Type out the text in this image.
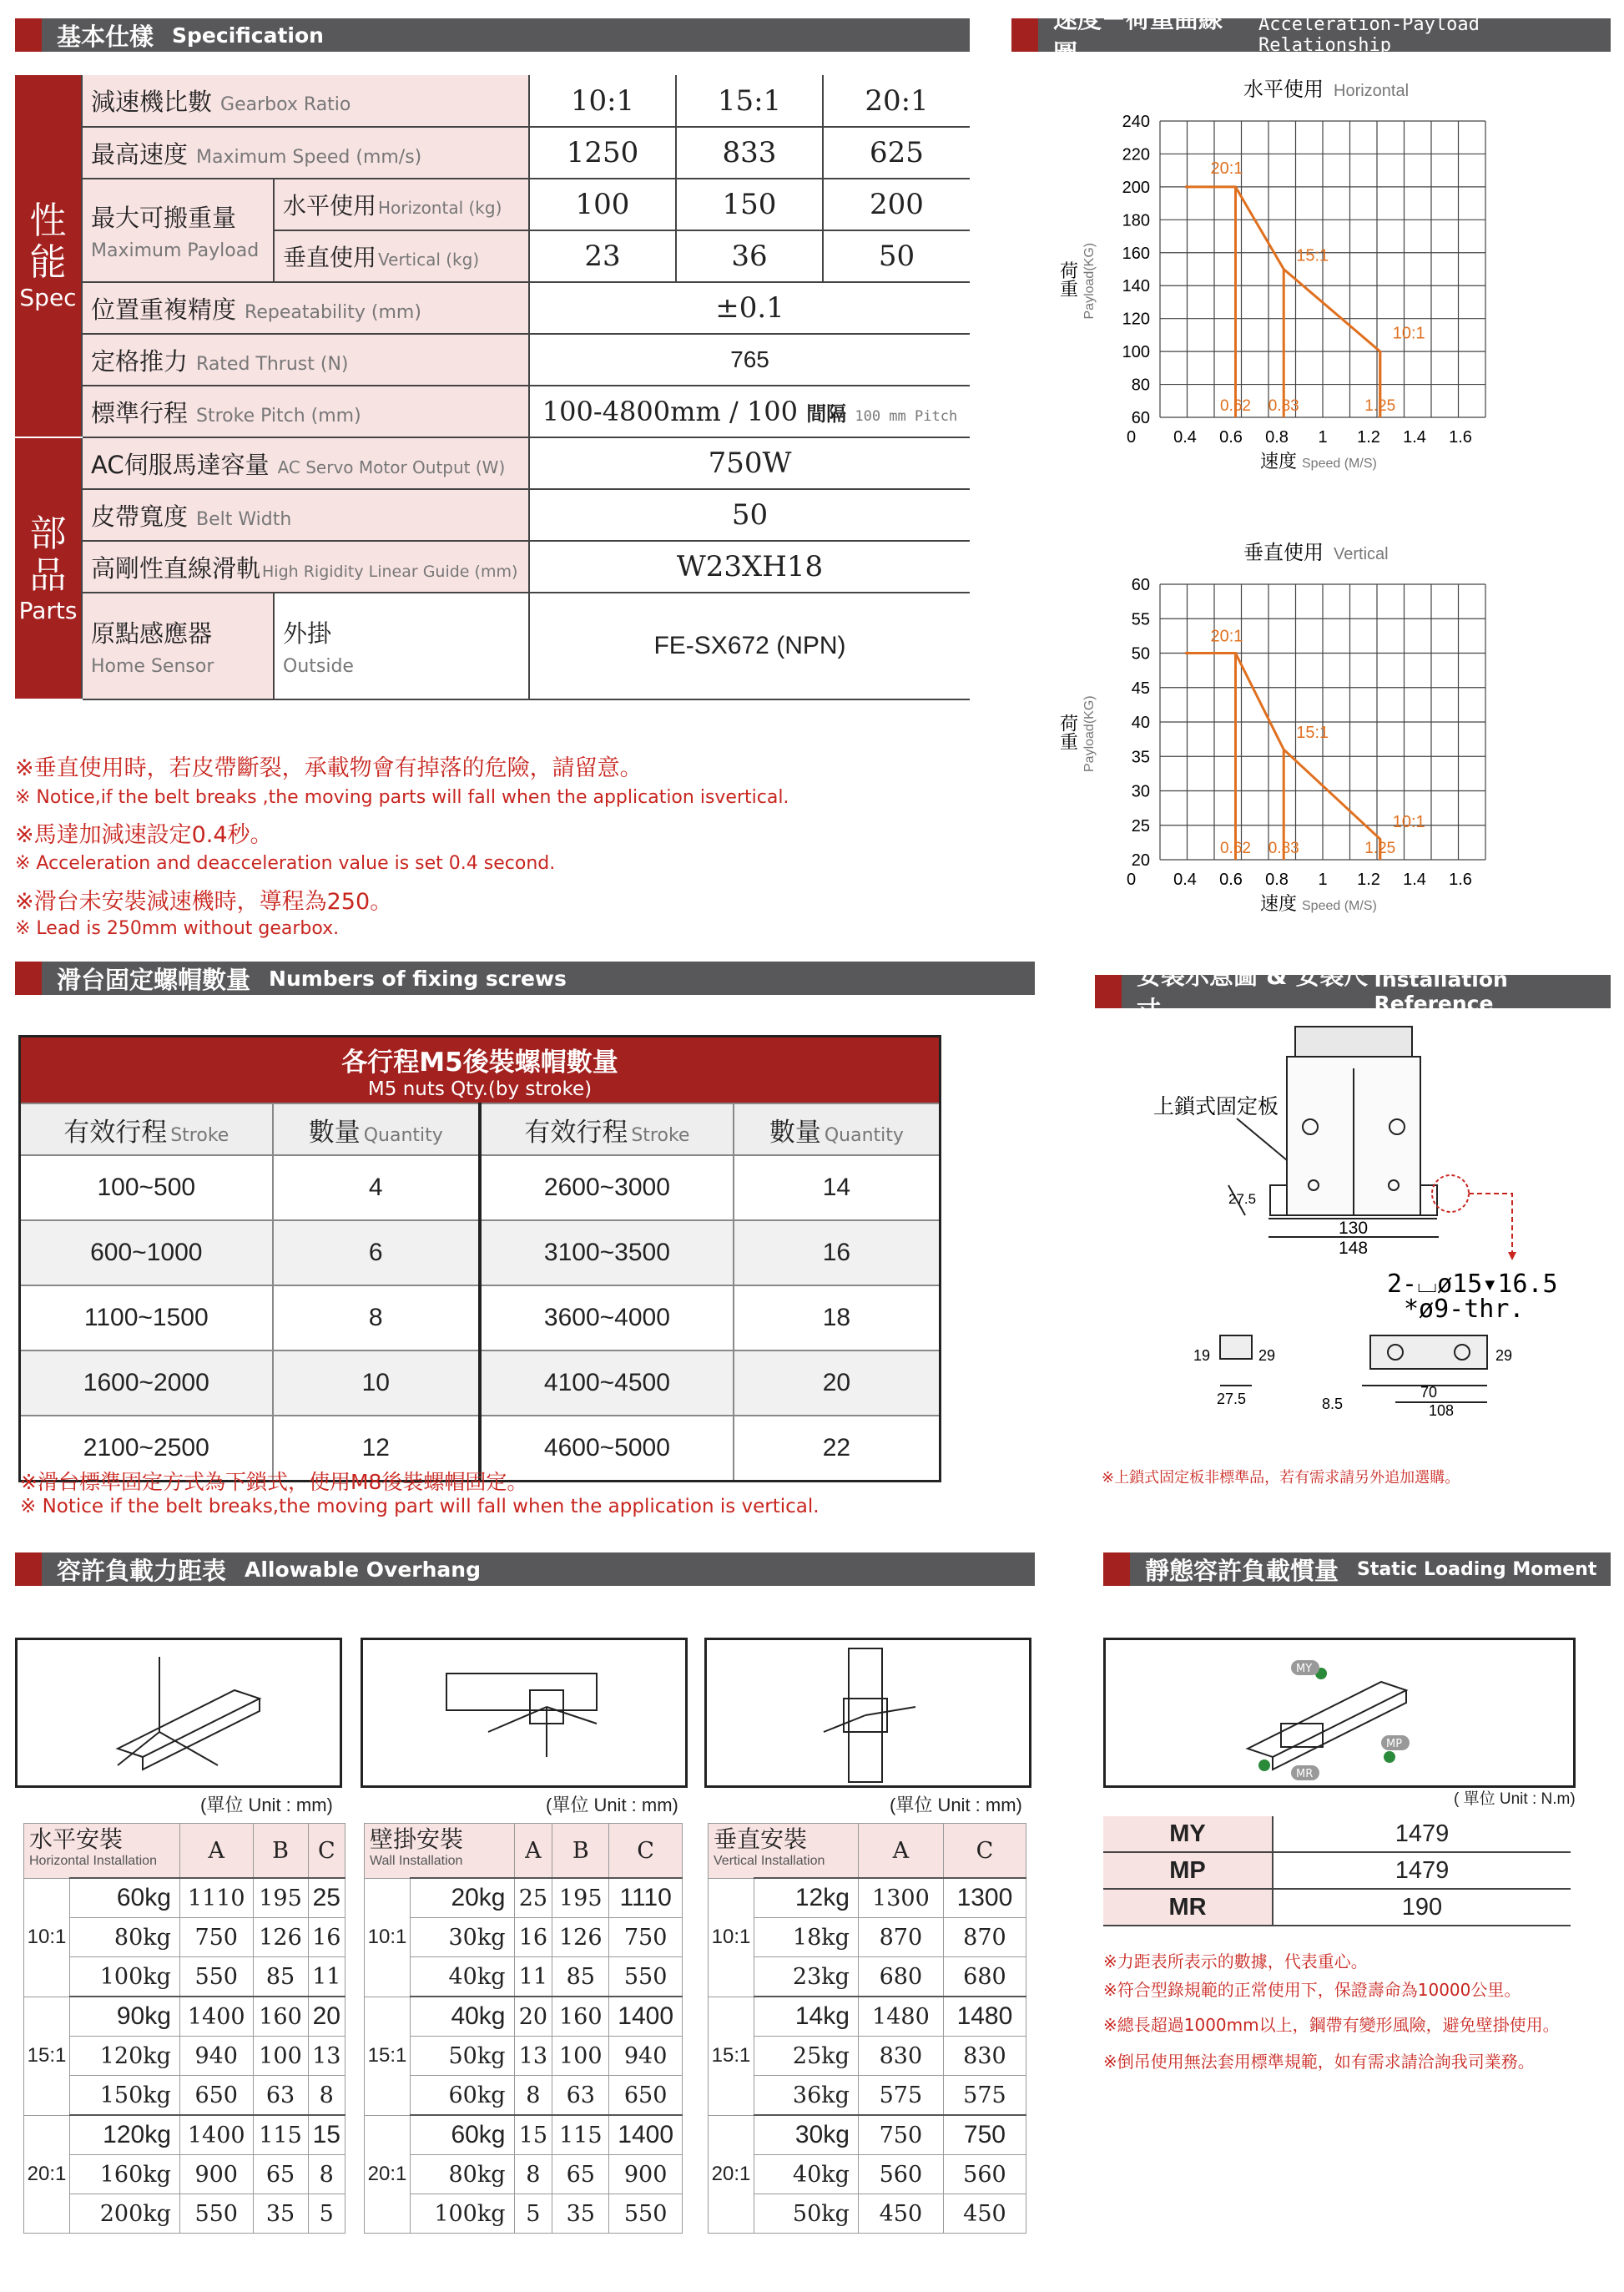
基本仕樣 Specification
性
能
Spec	減速機比數 Gearbox Ratio		10:1	15:1	20:1
	最高速度 Maximum Speed (mm/s)		1250	833	625

	最大可搬重量
Maximum Payload	水平使用 Horizontal (kg)	100	150	200
		垂直使用 Vertical (kg)	23	36	50
	位置重複精度 Repeatability (mm)		±0.1		
	定格推力 Rated Thrust (N)		765		
	標準行程 Stroke Pitch (mm)		100-4800mm / 100 間隔 100 mm Pitch		

部
品
Parts	AC伺服馬達容量 AC Servo Motor Output (W)		750W		
	皮帶寬度 Belt Width		50		
	高剛性直線滑軌 High Rigidity Linear Guide (mm)		W23XH18		

	原點感應器
Home Sensor	外掛
Outside	FE-SX672 (NPN)		
※垂直使用時，若皮帶斷裂，承載物會有掉落的危險，請留意。
※ Notice,if the belt breaks ,the moving parts will fall when the application isvertical.
※馬達加減速設定0.4秒。
※ Acceleration and deacceleration value is set 0.4 second.
※滑台未安裝減速機時，導程為250。
※ Lead is 250mm without gearbox.
速度－荷重曲線圖
Acceleration-Payload Relationship
水平使用 Horizontal
240
220
200
180
160
140
120
100
80
60
0.4 0.6 0.8 1 1.2 1.4 1.6
0
荷重 Payload(KG)
速度 Speed (M/S)
0.62 0.83	1.25
20:1
15:1
10:1
垂直使用 Vertical
60
55
50
45
40
35
30
25
20
0.4 0.6 0.8 1 1.2 1.4 1.6
0
荷重 Payload(KG)
速度 Speed (M/S)
0.62 0.83	1.25
20:1
15:1
10:1
滑台固定螺帽數量 Numbers of fixing screws
各行程M5後裝螺帽數量
M5 nuts Qty.(by stroke)			

有效行程 Stroke	數量 Quantity	有效行程 Stroke	數量 Quantity
100~500	4	2600~3000	14
600~1000	6	3100~3500	16
1100~1500	8	3600~4000	18
1600~2000	10	4100~4500	20
2100~2500	12	4600~5000	22
※滑台標準固定方式為下鎖式，使用M8後裝螺帽固定。
※ Notice if the belt breaks,the moving part will fall when the application is vertical.
安裝示意圖 & 安裝尺寸
Installation Reference
上鎖式固定板
27.5
130
148
2-⌴ø15▾16.5
*ø9-thr.
19	29
27.5	8.5
70
108
29
※上鎖式固定板非標準品，若有需求請另外追加選購。
容許負載力距表 Allowable Overhang
(單位 Unit : mm)	(單位 Unit : mm)	(單位 Unit : mm)
水平安裝
Horizontal Installation		A	B	C
10:1	60kg	1110	195	25
	80kg	750	126	16
	100kg	550	85	11
15:1	90kg	1400	160	20
	120kg	940	100	13
	150kg	650	63	8
20:1	120kg	1400	115	15
	160kg	900	65	8
	200kg	550	35	5
壁掛安裝
Wall Installation		A	B	C
10:1	20kg	25	195	1110
	30kg	16	126	750
	40kg	11	85	550
15:1	40kg	20	160	1400
	50kg	13	100	940
	60kg	8	63	650
20:1	60kg	15	115	1400
	80kg	8	65	900
	100kg	5	35	550
垂直安裝
Vertical Installation		A	C
10:1	12kg	1300	1300
	18kg	870	870
	23kg	680	680
15:1	14kg	1480	1480
	25kg	830	830
	36kg	575	575
20:1	30kg	750	750
	40kg	560	560
	50kg	450	450
靜態容許負載慣量 Static Loading Moment
MY
MP
MR
( 單位 Unit : N.m)
MY	1479
MP	1479
MR	190
※力距表所表示的數據，代表重心。
※符合型錄規範的正常使用下，保證壽命為10000公里。
※總長超過1000mm以上，鋼帶有變形風險，避免壁掛使用。
※倒吊使用無法套用標準規範，如有需求請洽詢我司業務。
